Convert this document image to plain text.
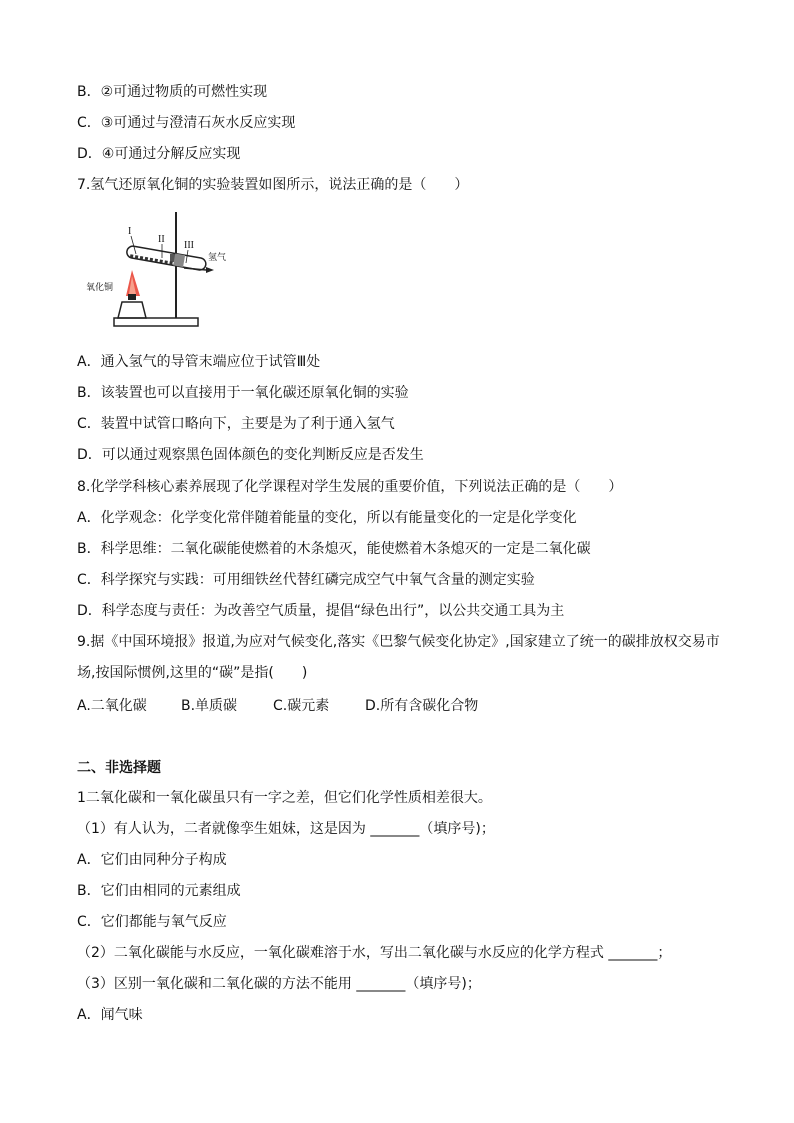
B．②可通过物质的可燃性实现
C．③可通过与澄清石灰水反应实现
D．④可通过分解反应实现
7.氢气还原氧化铜的实验装置如图所示，说法正确的是（　　）
I
II
III
氢气
氧化铜
A．通入氢气的导管末端应位于试管Ⅲ处
B．该装置也可以直接用于一氧化碳还原氧化铜的实验
C．装置中试管口略向下，主要是为了利于通入氢气
D．可以通过观察黑色固体颜色的变化判断反应是否发生
8.化学学科核心素养展现了化学课程对学生发展的重要价值，下列说法正确的是（　　）
A．化学观念：化学变化常伴随着能量的变化，所以有能量变化的一定是化学变化
B．科学思维：二氧化碳能使燃着的木条熄灭，能使燃着木条熄灭的一定是二氧化碳
C．科学探究与实践：可用细铁丝代替红磷完成空气中氧气含量的测定实验
D．科学态度与责任：为改善空气质量，提倡“绿色出行”，以公共交通工具为主
9.据《中国环境报》报道,为应对气候变化,落实《巴黎气候变化协定》,国家建立了统一的碳排放权交易市场,按国际惯例,这里的“碳”是指(　　)
A.二氧化碳 B.单质碳	C.碳元素	D.所有含碳化合物
二、非选择题
1二氧化碳和一氧化碳虽只有一字之差，但它们化学性质相差很大。
（1）有人认为，二者就像孪生姐妹，这是因为 _______（填序号)；
A．它们由同种分子构成
B．它们由相同的元素组成
C．它们都能与氧气反应
（2）二氧化碳能与水反应，一氧化碳难溶于水，写出二氧化碳与水反应的化学方程式 _______；
（3）区别一氧化碳和二氧化碳的方法不能用 _______（填序号)；
A．闻气味
